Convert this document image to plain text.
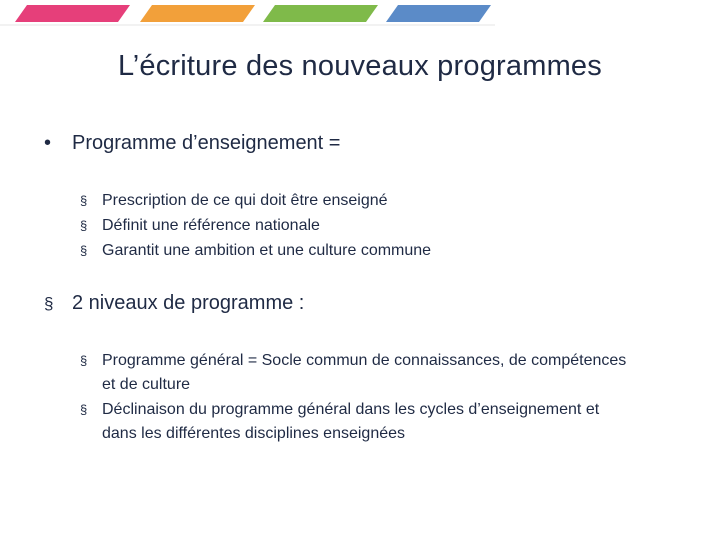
L’écriture des nouveaux programmes
• Programme d’enseignement =
§ Prescription de ce qui doit être enseigné
§ Définit une référence nationale
§ Garantit une ambition et une culture commune
§ 2 niveaux de programme :
§ Programme général = Socle commun de connaissances, de compétences
et de culture
§ Déclinaison du programme général dans les cycles d’enseignement et
dans les différentes disciplines enseignées
